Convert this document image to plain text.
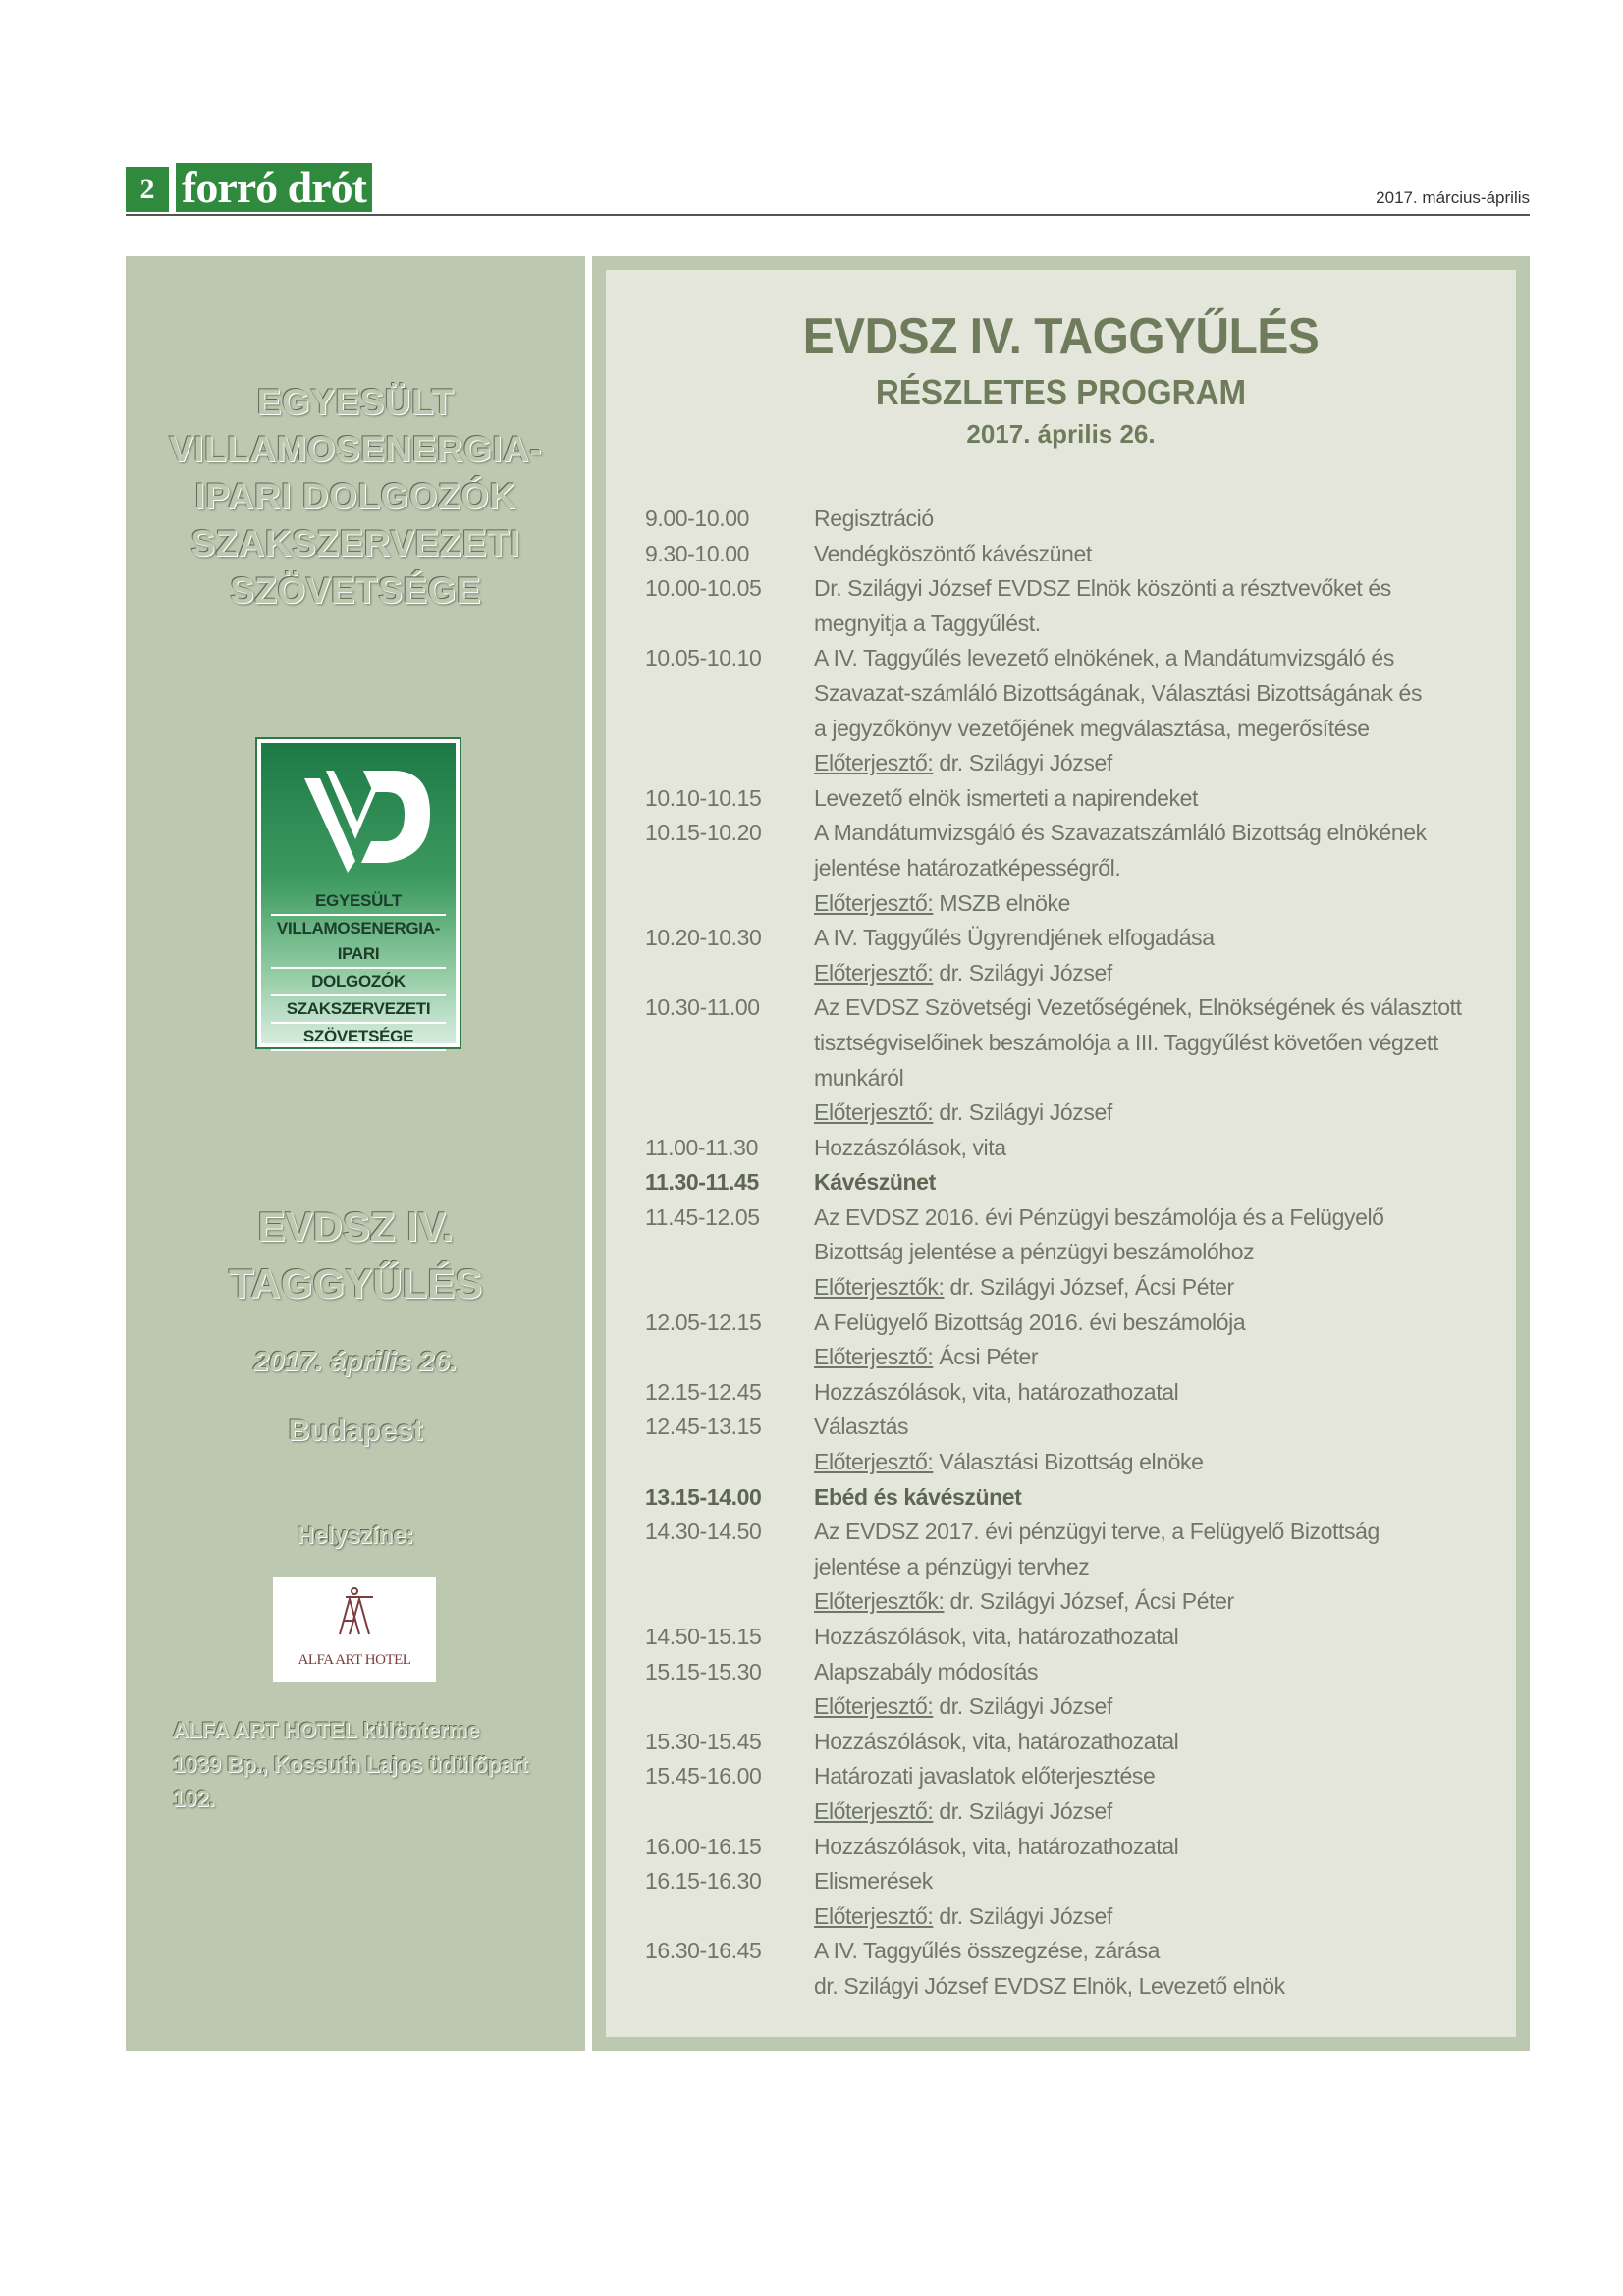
2 forró drót	2017. március-április
EGYESÜLT
VILLAMOSENERGIA-
IPARI DOLGOZÓK
SZAKSZERVEZETI
SZÖVETSÉGE
EGYESÜLT
VILLAMOSENERGIA-IPARI
DOLGOZÓK
SZAKSZERVEZETI
SZÖVETSÉGE
EVDSZ IV.
TAGGYŰLÉS
2017. április 26.
Budapest
Helyszíne:
ALFA ART HOTEL
ALFA ART HOTEL különterme
1039 Bp., Kossuth Lajos üdülőpart
102.
EVDSZ IV. TAGGYŰLÉS
RÉSZLETES PROGRAM
2017. április 26.
9.00-10.00	Regisztráció
9.30-10.00	Vendégköszöntő kávészünet
10.00-10.05	Dr. Szilágyi József EVDSZ Elnök köszönti a résztvevőket és
megnyitja a Taggyűlést.
10.05-10.10	A IV. Taggyűlés levezető elnökének, a Mandátumvizsgáló és
Szavazat-számláló Bizottságának, Választási Bizottságának és
a jegyzőkönyv vezetőjének megválasztása, megerősítése
Előterjesztő: dr. Szilágyi József
10.10-10.15	Levezető elnök ismerteti a napirendeket
10.15-10.20	A Mandátumvizsgáló és Szavazatszámláló Bizottság elnökének
jelentése határozatképességről.
Előterjesztő: MSZB elnöke
10.20-10.30	A IV. Taggyűlés Ügyrendjének elfogadása
Előterjesztő: dr. Szilágyi József
10.30-11.00	Az EVDSZ Szövetségi Vezetőségének, Elnökségének és választott
tisztségviselőinek beszámolója a III. Taggyűlést követően végzett
munkáról
Előterjesztő: dr. Szilágyi József
11.00-11.30	Hozzászólások, vita
11.30-11.45	Kávészünet
11.45-12.05	Az EVDSZ 2016. évi Pénzügyi beszámolója és a Felügyelő
Bizottság jelentése a pénzügyi beszámolóhoz
Előterjesztők: dr. Szilágyi József, Ácsi Péter
12.05-12.15	A Felügyelő Bizottság 2016. évi beszámolója
Előterjesztő: Ácsi Péter
12.15-12.45	Hozzászólások, vita, határozathozatal
12.45-13.15	Választás
Előterjesztő: Választási Bizottság elnöke
13.15-14.00	Ebéd és kávészünet
14.30-14.50	Az EVDSZ 2017. évi pénzügyi terve, a Felügyelő Bizottság
jelentése a pénzügyi tervhez
Előterjesztők: dr. Szilágyi József, Ácsi Péter
14.50-15.15	Hozzászólások, vita, határozathozatal
15.15-15.30	Alapszabály módosítás
Előterjesztő: dr. Szilágyi József
15.30-15.45	Hozzászólások, vita, határozathozatal
15.45-16.00	Határozati javaslatok előterjesztése
Előterjesztő: dr. Szilágyi József
16.00-16.15	Hozzászólások, vita, határozathozatal
16.15-16.30	Elismerések
Előterjesztő: dr. Szilágyi József
16.30-16.45	A IV. Taggyűlés összegzése, zárása
dr. Szilágyi József EVDSZ Elnök, Levezető elnök
